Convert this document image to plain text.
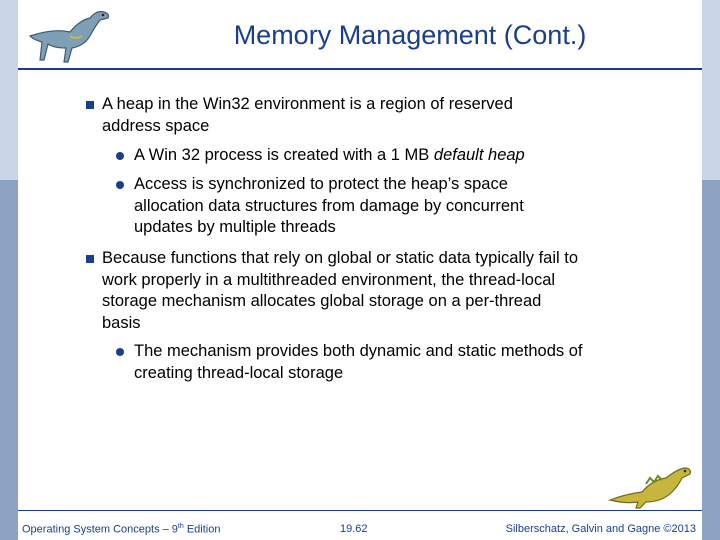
Memory Management (Cont.)
A heap in the Win32 environment is a region of reserved address space
A Win 32 process is created with a 1 MB default heap
Access is synchronized to protect the heap’s space allocation data structures from damage by concurrent updates by multiple threads
Because functions that rely on global or static data typically fail to work properly in a multithreaded environment, the thread-local storage mechanism allocates global storage on a per-thread basis
The mechanism provides both dynamic and static methods of creating thread-local storage
Operating System Concepts – 9th Edition	19.62	Silberschatz, Galvin and Gagne ©2013
